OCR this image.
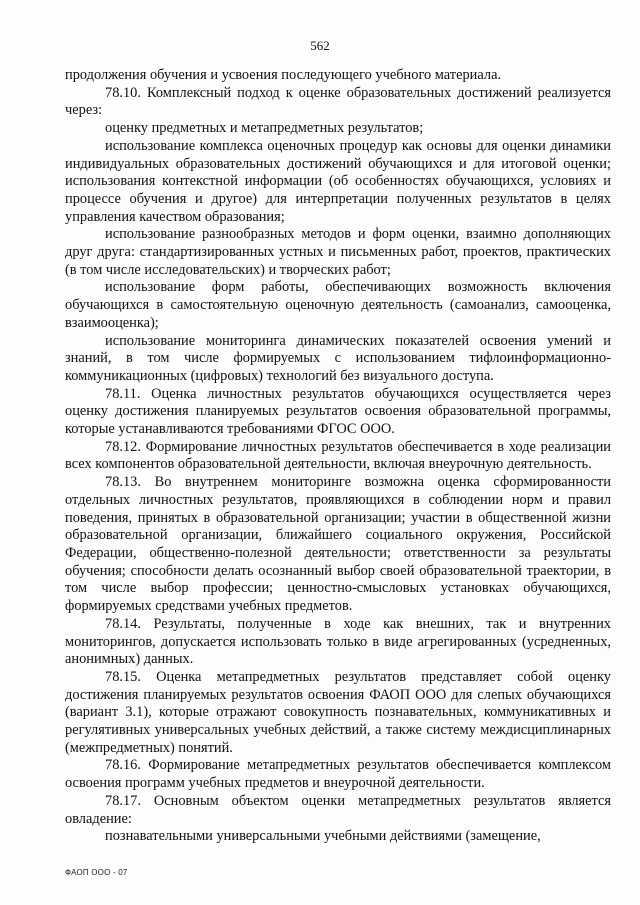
562

продолжения обучения и усвоения последующего учебного материала.

78.10. Комплексный подход к оценке образовательных достижений реализуется через:

оценку предметных и метапредметных результатов;

использование комплекса оценочных процедур как основы для оценки динамики индивидуальных образовательных достижений обучающихся и для итоговой оценки; использования контекстной информации (об особенностях обучающихся, условиях и процессе обучения и другое) для интерпретации полученных результатов в целях управления качеством образования;

использование разнообразных методов и форм оценки, взаимно дополняющих друг друга: стандартизированных устных и письменных работ, проектов, практических (в том числе исследовательских) и творческих работ;

использование форм работы, обеспечивающих возможность включения обучающихся в самостоятельную оценочную деятельность (самоанализ, самооценка, взаимооценка);

использование мониторинга динамических показателей освоения умений и знаний, в том числе формируемых с использованием тифлоинформационно-коммуникационных (цифровых) технологий без визуального доступа.

78.11. Оценка личностных результатов обучающихся осуществляется через оценку достижения планируемых результатов освоения образовательной программы, которые устанавливаются требованиями ФГОС ООО.

78.12. Формирование личностных результатов обеспечивается в ходе реализации всех компонентов образовательной деятельности, включая внеурочную деятельность.

78.13. Во внутреннем мониторинге возможна оценка сформированности отдельных личностных результатов, проявляющихся в соблюдении норм и правил поведения, принятых в образовательной организации; участии в общественной жизни образовательной организации, ближайшего социального окружения, Российской Федерации, общественно-полезной деятельности; ответственности за результаты обучения; способности делать осознанный выбор своей образовательной траектории, в том числе выбор профессии; ценностно-смысловых установках обучающихся, формируемых средствами учебных предметов.

78.14. Результаты, полученные в ходе как внешних, так и внутренних мониторингов, допускается использовать только в виде агрегированных (усредненных, анонимных) данных.

78.15. Оценка метапредметных результатов представляет собой оценку достижения планируемых результатов освоения ФАОП ООО для слепых обучающихся (вариант 3.1), которые отражают совокупность познавательных, коммуникативных и регулятивных универсальных учебных действий, а также систему междисциплинарных (межпредметных) понятий.

78.16. Формирование метапредметных результатов обеспечивается комплексом освоения программ учебных предметов и внеурочной деятельности.

78.17. Основным объектом оценки метапредметных результатов является овладение:

познавательными универсальными учебными действиями (замещение,

ФАОП ООО - 07
